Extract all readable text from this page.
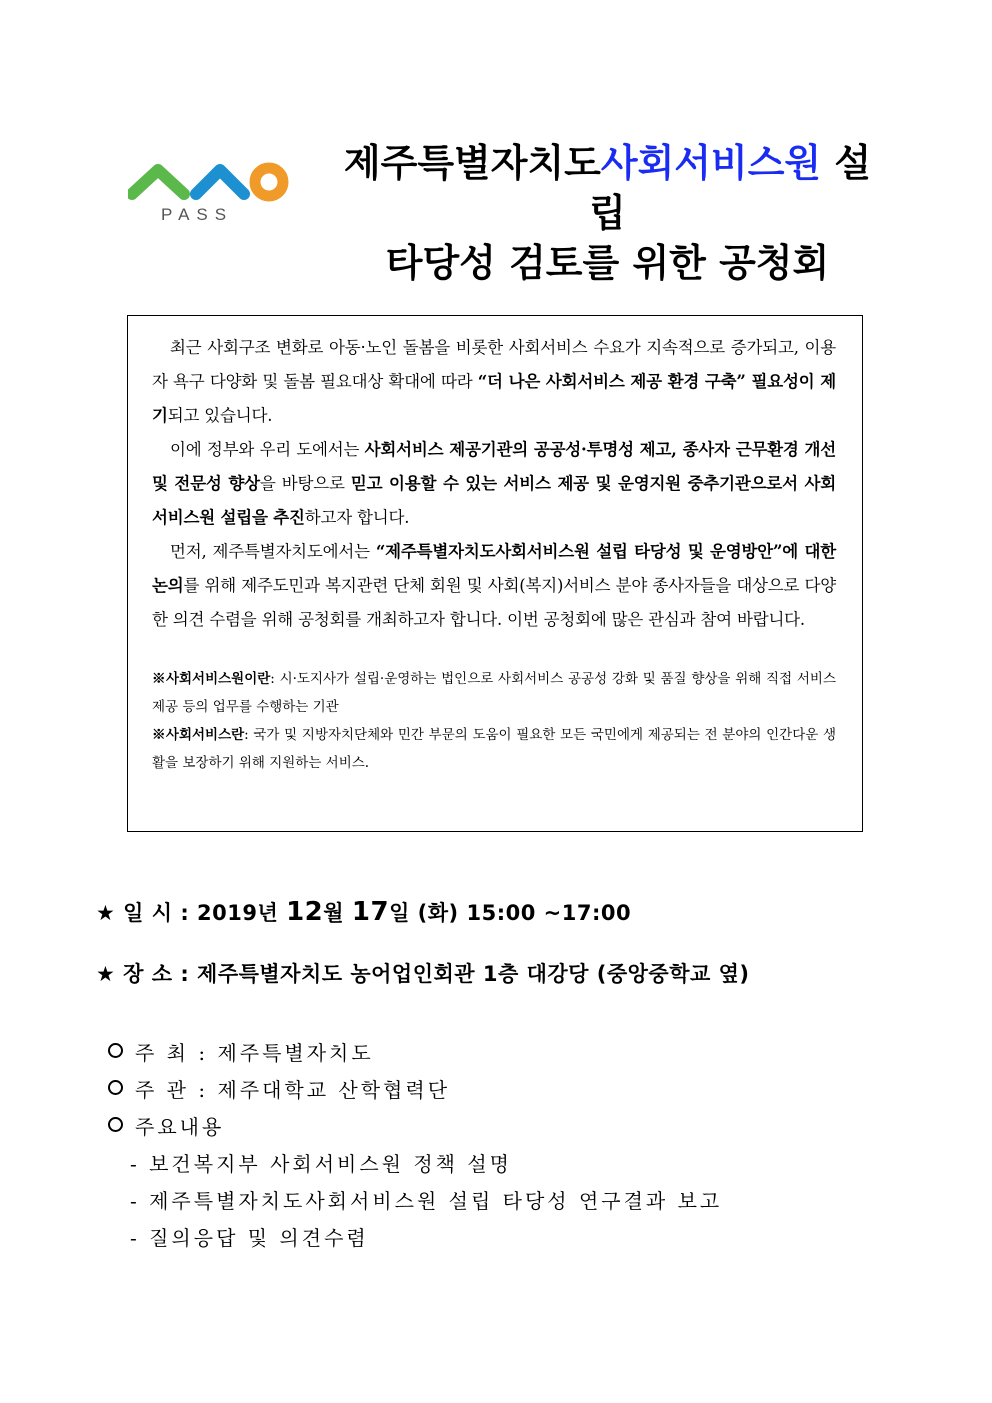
PASS
제주특별자치도사회서비스원 설립
타당성 검토를 위한 공청회
최근 사회구조 변화로 아동·노인 돌봄을 비롯한 사회서비스 수요가 지속적으로 증가되고, 이용자 욕구 다양화 및 돌봄 필요대상 확대에 따라 “더 나은 사회서비스 제공 환경 구축” 필요성이 제기되고 있습니다.
이에 정부와 우리 도에서는 사회서비스 제공기관의 공공성·투명성 제고, 종사자 근무환경 개선 및 전문성 향상을 바탕으로 믿고 이용할 수 있는 서비스 제공 및 운영지원 중추기관으로서 사회서비스원 설립을 추진하고자 합니다.
먼저, 제주특별자치도에서는 “제주특별자치도사회서비스원 설립 타당성 및 운영방안”에 대한 논의를 위해 제주도민과 복지관련 단체 회원 및 사회(복지)서비스 분야 종사자들을 대상으로 다양한 의견 수렴을 위해 공청회를 개최하고자 합니다. 이번 공청회에 많은 관심과 참여 바랍니다.
※사회서비스원이란: 시·도지사가 설립·운영하는 법인으로 사회서비스 공공성 강화 및 품질 향상을 위해 직접 서비스 제공 등의 업무를 수행하는 기관
※사회서비스란: 국가 및 지방자치단체와 민간 부문의 도움이 필요한 모든 국민에게 제공되는 전 분야의 인간다운 생활을 보장하기 위해 지원하는 서비스.
★ 일 시 : 2019년 12월 17일 (화) 15:00 ~17:00
★ 장 소 : 제주특별자치도 농어업인회관 1층 대강당 (중앙중학교 옆)
주 최 : 제주특별자치도
주 관 : 제주대학교 산학협력단
주요내용
- 보건복지부 사회서비스원 정책 설명
- 제주특별자치도사회서비스원 설립 타당성 연구결과 보고
- 질의응답 및 의견수렴
